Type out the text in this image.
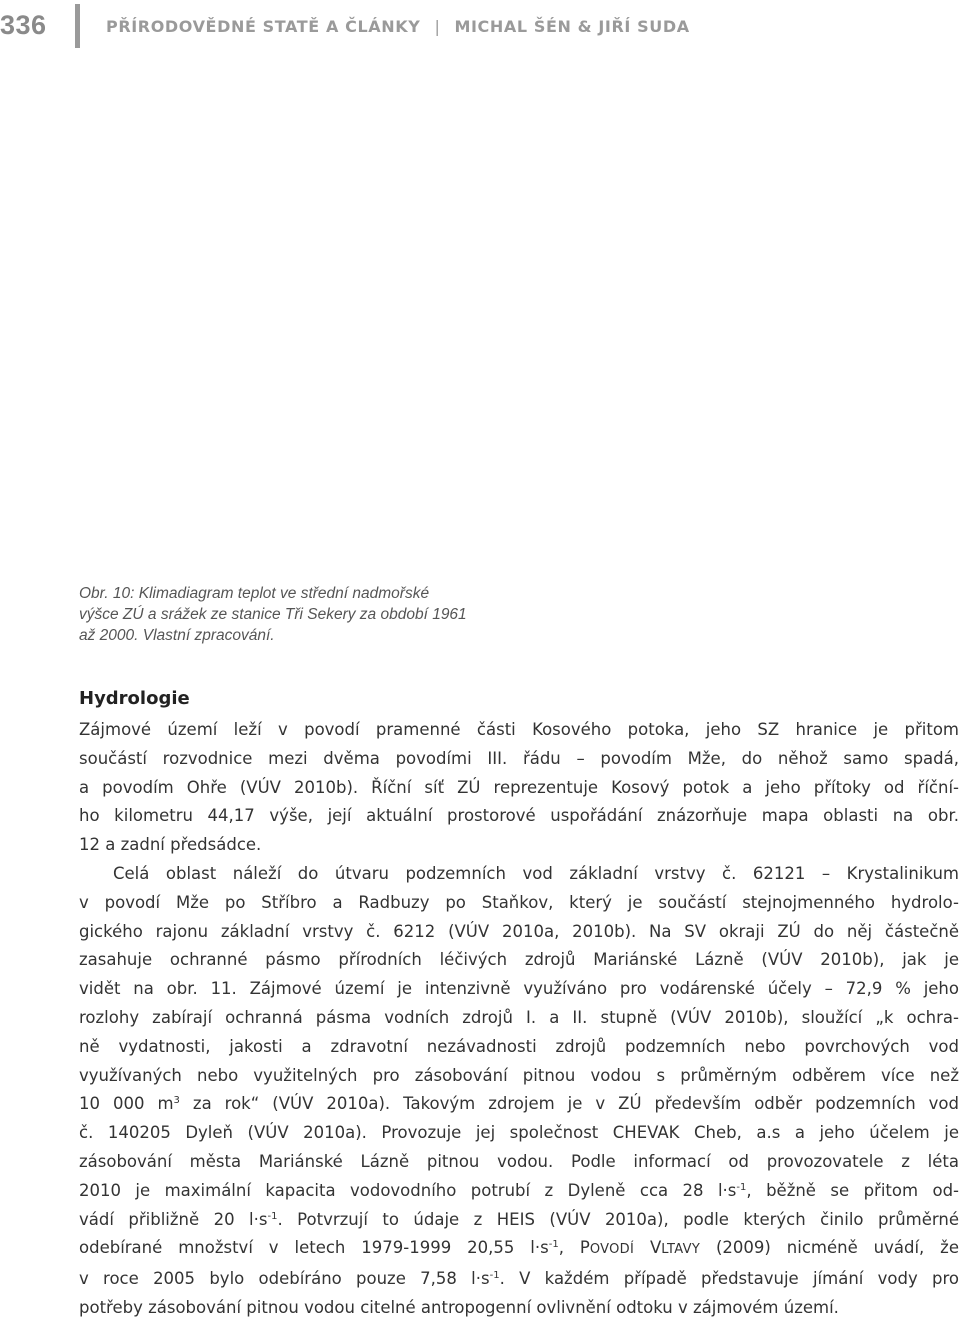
336	PŘÍRODOVĚDNÉ STATĚ A ČLÁNKY | MICHAL ŠÉN & JIŘÍ SUDA
Obr. 10: Klimadiagram teplot ve střední nadmořské
výšce ZÚ a srážek ze stanice Tři Sekery za období 1961
až 2000. Vlastní zpracování.
Hydrologie
Zájmové území leží v povodí pramenné části Kosového potoka, jeho SZ hranice je přitom
součástí rozvodnice mezi dvěma povodími III. řádu – povodím Mže, do něhož samo spadá,
a povodím Ohře (VÚV 2010b). Říční síť ZÚ reprezentuje Kosový potok a jeho přítoky od říční-
ho kilometru 44,17 výše, její aktuální prostorové uspořádání znázorňuje mapa oblasti na obr.
12 a zadní předsádce.
Celá oblast náleží do útvaru podzemních vod základní vrstvy č. 62121 – Krystalinikum
v povodí Mže po Stříbro a Radbuzy po Staňkov, který je součástí stejnojmenného hydrolo-
gického rajonu základní vrstvy č. 6212 (VÚV 2010a, 2010b). Na SV okraji ZÚ do něj částečně
zasahuje ochranné pásmo přírodních léčivých zdrojů Mariánské Lázně (VÚV 2010b), jak je
vidět na obr. 11. Zájmové území je intenzivně využíváno pro vodárenské účely – 72,9 % jeho
rozlohy zabírají ochranná pásma vodních zdrojů I. a II. stupně (VÚV 2010b), sloužící „k ochra-
ně vydatnosti, jakosti a zdravotní nezávadnosti zdrojů podzemních nebo povrchových vod
využívaných nebo využitelných pro zásobování pitnou vodou s průměrným odběrem více než
10 000 $m^3$ za rok“ (VÚV 2010a). Takovým zdrojem je v ZÚ především odběr podzemních vod
č. 140205 Dyleň (VÚV 2010a). Provozuje jej společnost CHEVAK Cheb, a.s a jeho účelem je
zásobování města Mariánské Lázně pitnou vodou. Podle informací od provozovatele z léta
2010 je maximální kapacita vodovodního potrubí z Dyleně cca 28 $l\cdot s^{-1}$, běžně se přitom od-
vádí přibližně 20 $l\cdot s^{-1}$. Potvrzují to údaje z HEIS (VÚV 2010a), podle kterých činilo průměrné
odebírané množství v letech 1979-1999 20,55 $l\cdot s^{-1}$, POVODÍ VLTAVY (2009) nicméně uvádí, že
v roce 2005 bylo odebíráno pouze 7,58 $l\cdot s^{-1}$. V každém případě představuje jímání vody pro
potřeby zásobování pitnou vodou citelné antropogenní ovlivnění odtoku v zájmovém území.
